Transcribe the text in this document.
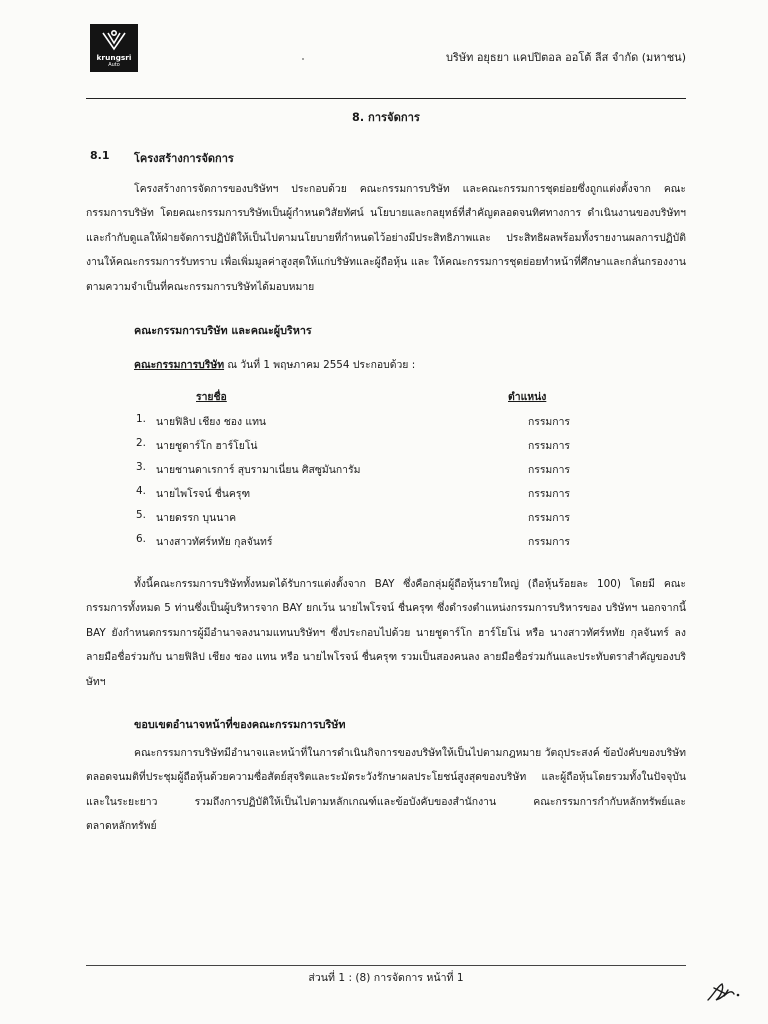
krungsri
Auto
บริษัท อยุธยา แคปปิตอล ออโต้ ลีส จำกัด (มหาชน)
8. การจัดการ
8.1 โครงสร้างการจัดการ

โครงสร้างการจัดการของบริษัทฯ ประกอบด้วย คณะกรรมการบริษัท และคณะกรรมการชุดย่อยซึ่งถูกแต่งตั้งจาก คณะกรรมการบริษัท โดยคณะกรรมการบริษัทเป็นผู้กำหนดวิสัยทัศน์ นโยบายและกลยุทธ์ที่สำคัญตลอดจนทิศทางการ ดำเนินงานของบริษัทฯ และกำกับดูแลให้ฝ่ายจัดการปฏิบัติให้เป็นไปตามนโยบายที่กำหนดไว้อย่างมีประสิทธิภาพและ ประสิทธิผลพร้อมทั้งรายงานผลการปฏิบัติงานให้คณะกรรมการรับทราบ เพื่อเพิ่มมูลค่าสูงสุดให้แก่บริษัทและผู้ถือหุ้น และ ให้คณะกรรมการชุดย่อยทำหน้าที่ศึกษาและกลั่นกรองงานตามความจำเป็นที่คณะกรรมการบริษัทได้มอบหมาย

คณะกรรมการบริษัท และคณะผู้บริหาร
คณะกรรมการบริษัท ณ วันที่ 1 พฤษภาคม 2554 ประกอบด้วย :
รายชื่อ	ตำแหน่ง
1. นายฟิลิป เชียง ชอง แทน	กรรมการ
2. นายชูดาร์โก ฮาร์โยโน่	กรรมการ
3. นายชานดาเรการ์ สุบรามาเนี่ยน ศิสซูมันการัม	กรรมการ
4. นายไพโรจน์ ชื่นครุฑ	กรรมการ
5. นายดรรก บุนนาค	กรรมการ
6. นางสาวทัศร์หทัย กุลจันทร์	กรรมการ

ทั้งนี้คณะกรรมการบริษัททั้งหมดได้รับการแต่งตั้งจาก BAY ซึ่งคือกลุ่มผู้ถือหุ้นรายใหญ่ (ถือหุ้นร้อยละ 100) โดยมี คณะกรรมการทั้งหมด 5 ท่านซึ่งเป็นผู้บริหารจาก BAY ยกเว้น นายไพโรจน์ ชื่นครุฑ ซึ่งดำรงตำแหน่งกรรมการบริหารของ บริษัทฯ นอกจากนี้ BAY ยังกำหนดกรรมการผู้มีอำนาจลงนามแทนบริษัทฯ ซึ่งประกอบไปด้วย นายชูดาร์โก ฮาร์โยโน่ หรือ นางสาวทัศร์หทัย กุลจันทร์ ลงลายมือชื่อร่วมกับ นายฟิลิป เชียง ชอง แทน หรือ นายไพโรจน์ ชื่นครุฑ รวมเป็นสองคนลง ลายมือชื่อร่วมกันและประทับตราสำคัญของบริษัทฯ

ขอบเขตอำนาจหน้าที่ของคณะกรรมการบริษัท

คณะกรรมการบริษัทมีอำนาจและหน้าที่ในการดำเนินกิจการของบริษัทให้เป็นไปตามกฎหมาย วัตถุประสงค์ ข้อบังคับของบริษัท ตลอดจนมติที่ประชุมผู้ถือหุ้นด้วยความซื่อสัตย์สุจริตและระมัดระวังรักษาผลประโยชน์สูงสุดของบริษัท และผู้ถือหุ้นโดยรวมทั้งในปัจจุบันและในระยะยาว รวมถึงการปฏิบัติให้เป็นไปตามหลักเกณฑ์และข้อบังคับของสำนักงาน คณะกรรมการกำกับหลักทรัพย์และตลาดหลักทรัพย์

ส่วนที่ 1 : (8) การจัดการ หน้าที่ 1
